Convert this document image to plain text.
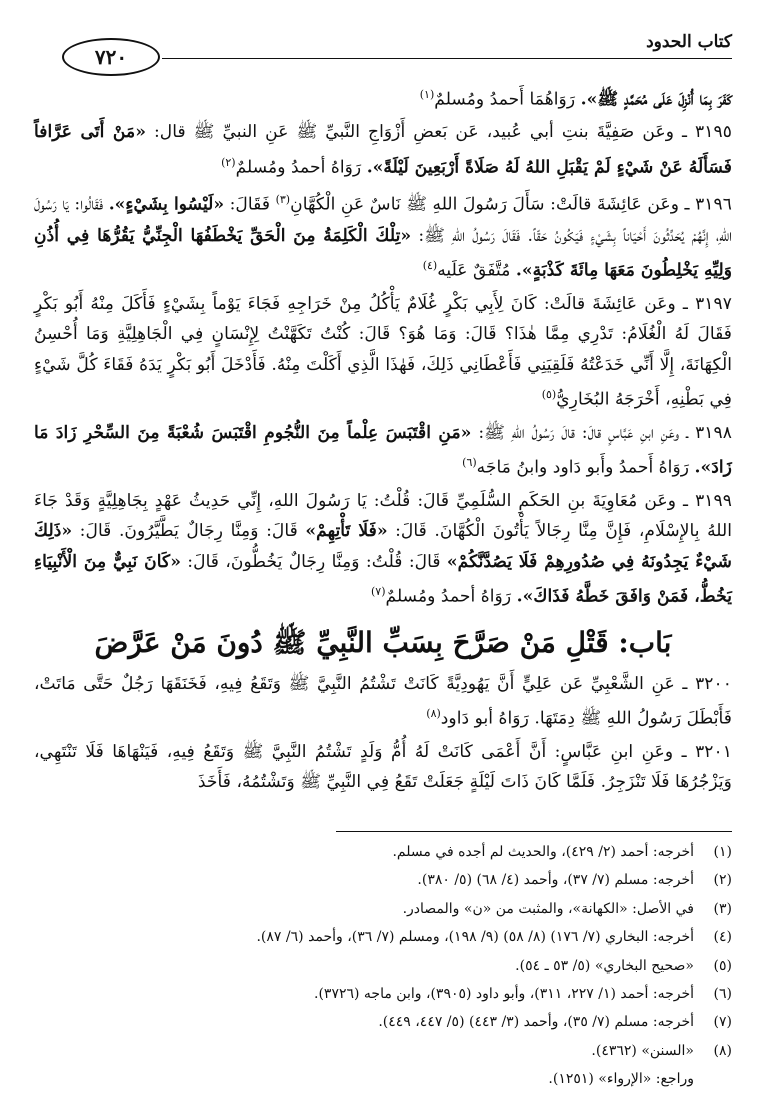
كتاب الحدود
٧٢٠

كَفَرَ بِمَا أُنْزِلَ عَلَى مُحَمَّدٍ ﷺ». رَوَاهُمَا أَحمدُ ومُسلمٌ$^{(١)}$

٣١٩٥ ـ وعَن صَفِيَّةَ بنتِ أبي عُبيد، عَن بَعضِ أَزْوَاجِ النَّبيِّ ﷺ عَنِ النبيِّ ﷺ قال: «مَنْ أَتَى عَرَّافاً فَسَأَلَهُ عَنْ شَيْءٍ لَمْ يَقْبَلِ اللهُ لَهُ صَلَاةً أَرْبَعِينَ لَيْلَةً». رَوَاهُ أحمدُ ومُسلمٌ$^{(٢)}$

٣١٩٦ ـ وعَن عَائِشَةَ قالَتْ: سَأَلَ رَسُولَ اللهِ ﷺ نَاسٌ عَنِ الْكُهَّانِ$^{(٣)}$ فَقَالَ: «لَيْسُوا بِشَيْءٍ». فَقَالُوا: يَا رَسُولَ اللهِ، إِنَّهُمْ يُحَدِّثُونَ أَحْيَاناً بِشَيْءٍ فَيَكُونُ حَقّاً. فَقَالَ رَسُولُ اللهِ ﷺ: «تِلْكَ الْكَلِمَةُ مِنَ الْحَقِّ يَخْطَفُهَا الْجِنِّيُّ يَقُرُّهَا فِي أُذُنِ وَلِيِّهِ يَخْلِطُونَ مَعَهَا مِائَةَ كَذْبَةٍ». مُتَّفَقٌ عَلَيه$^{(٤)}$

٣١٩٧ ـ وعَن عَائِشَةَ قالَتْ: كَانَ لِأَبِي بَكْرٍ غُلَامٌ يَأْكُلُ مِنْ خَرَاجِهِ فَجَاءَ يَوْماً بِشَيْءٍ فَأَكَلَ مِنْهُ أَبُو بَكْرٍ فَقَالَ لَهُ الْغُلَامُ: تَدْرِي مِمَّا هٰذَا؟ قَالَ: وَمَا هُوَ؟ قَالَ: كُنْتُ تَكَهَّنْتُ لِإِنْسَانٍ فِي الْجَاهِلِيَّةِ وَمَا أُحْسِنُ الْكِهَانَةَ، إِلَّا أَنِّي خَدَعْتُهُ فَلَقِيَنِي فَأَعْطَانِي ذَلِكَ، فَهٰذَا الَّذِي أَكَلْتَ مِنْهُ. فَأَدْخَلَ أَبُو بَكْرٍ يَدَهُ فَقَاءَ كُلَّ شَيْءٍ فِي بَطْنِهِ، أَخْرَجَهُ البُخَارِيُّ$^{(٥)}$

٣١٩٨ ـ وعَنِ ابنِ عَبَّاسٍ قالَ: قالَ رَسُولُ اللهِ ﷺ: «مَنِ اقْتَبَسَ عِلْماً مِنَ النُّجُومِ اقْتَبَسَ شُعْبَةً مِنَ السِّحْرِ زَادَ مَا زَادَ». رَوَاهُ أَحمدُ وأَبو دَاود وابنُ مَاجَه$^{(٦)}$

٣١٩٩ ـ وعَن مُعَاوِيَةَ بنِ الحَكَمِ السُّلَمِيِّ قَالَ: قُلْتُ: يَا رَسُولَ اللهِ، إِنِّي حَدِيثُ عَهْدٍ بِجَاهِلِيَّةٍ وَقَدْ جَاءَ اللهُ بِالإِسْلَامِ، فَإِنَّ مِنَّا رِجَالاً يَأْتُونَ الْكُهَّانَ. قَالَ: «فَلَا تَأْتِهِمْ» قَالَ: وَمِنَّا رِجَالٌ يَطَّيَّرُونَ. قَالَ: «ذَلِكَ شَيْءٌ يَجِدُونَهُ فِي صُدُورِهِمْ فَلَا يَصُدَّنَّكُمْ» قَالَ: قُلْتُ: وَمِنَّا رِجَالٌ يَخُطُّونَ، قَالَ: «كَانَ نَبِيٌّ مِنَ الْأَنْبِيَاءِ يَخُطُّ، فَمَنْ وَافَقَ خَطَّهُ فَذَاكَ». رَوَاهُ أحمدُ ومُسلمٌ$^{(٧)}$

بَاب: قَتْلِ مَنْ صَرَّحَ بِسَبِّ النَّبِيِّ ﷺ دُونَ مَنْ عَرَّضَ

٣٢٠٠ ـ عَنِ الشَّعْبِيِّ عَن عَلِيٍّ أَنَّ يَهُودِيَّةً كَانَتْ تَشْتُمُ النَّبِيَّ ﷺ وَتَقَعُ فِيهِ، فَخَنَقَهَا رَجُلٌ حَتَّى مَاتَتْ، فَأَبْطَلَ رَسُولُ اللهِ ﷺ دِمَتَهَا. رَوَاهُ أبو دَاود$^{(٨)}$

٣٢٠١ ـ وعَنِ ابنِ عَبَّاسٍ: أَنَّ أَعْمَى كَانَتْ لَهُ أُمُّ وَلَدٍ تَشْتُمُ النَّبِيَّ ﷺ وَتَقَعُ فِيهِ، فَيَنْهَاهَا فَلَا تَنْتَهِي، وَيَزْجُرُهَا فَلَا تَنْزَجِرُ. فَلَمَّا كَانَ ذَاتَ لَيْلَةٍ جَعَلَتْ تَقَعُ فِي النَّبِيِّ ﷺ وَتَشْتُمُهُ، فَأَخَذَ

(١)
أخرجه: أحمد (٢/ ٤٢٩)، والحديث لم أجده في مسلم.
(٢)
أخرجه: مسلم (٧/ ٣٧)، وأحمد (٤/ ٦٨) (٥/ ٣٨٠).
(٣)
في الأصل: «الكهانة»، والمثبت من «ن» والمصادر.
(٤)
أخرجه: البخاري (٧/ ١٧٦) (٨/ ٥٨) (٩/ ١٩٨)، ومسلم (٧/ ٣٦)، وأحمد (٦/ ٨٧).
(٥)
«صحيح البخاري» (٥/ ٥٣ ـ ٥٤).
(٦)
أخرجه: أحمد (١/ ٢٢٧، ٣١١)، وأبو داود (٣٩٠٥)، وابن ماجه (٣٧٢٦).
(٧)
أخرجه: مسلم (٧/ ٣٥)، وأحمد (٣/ ٤٤٣) (٥/ ٤٤٧، ٤٤٩).
(٨)
«السنن» (٤٣٦٢).
وراجع: «الإرواء» (١٢٥١).
